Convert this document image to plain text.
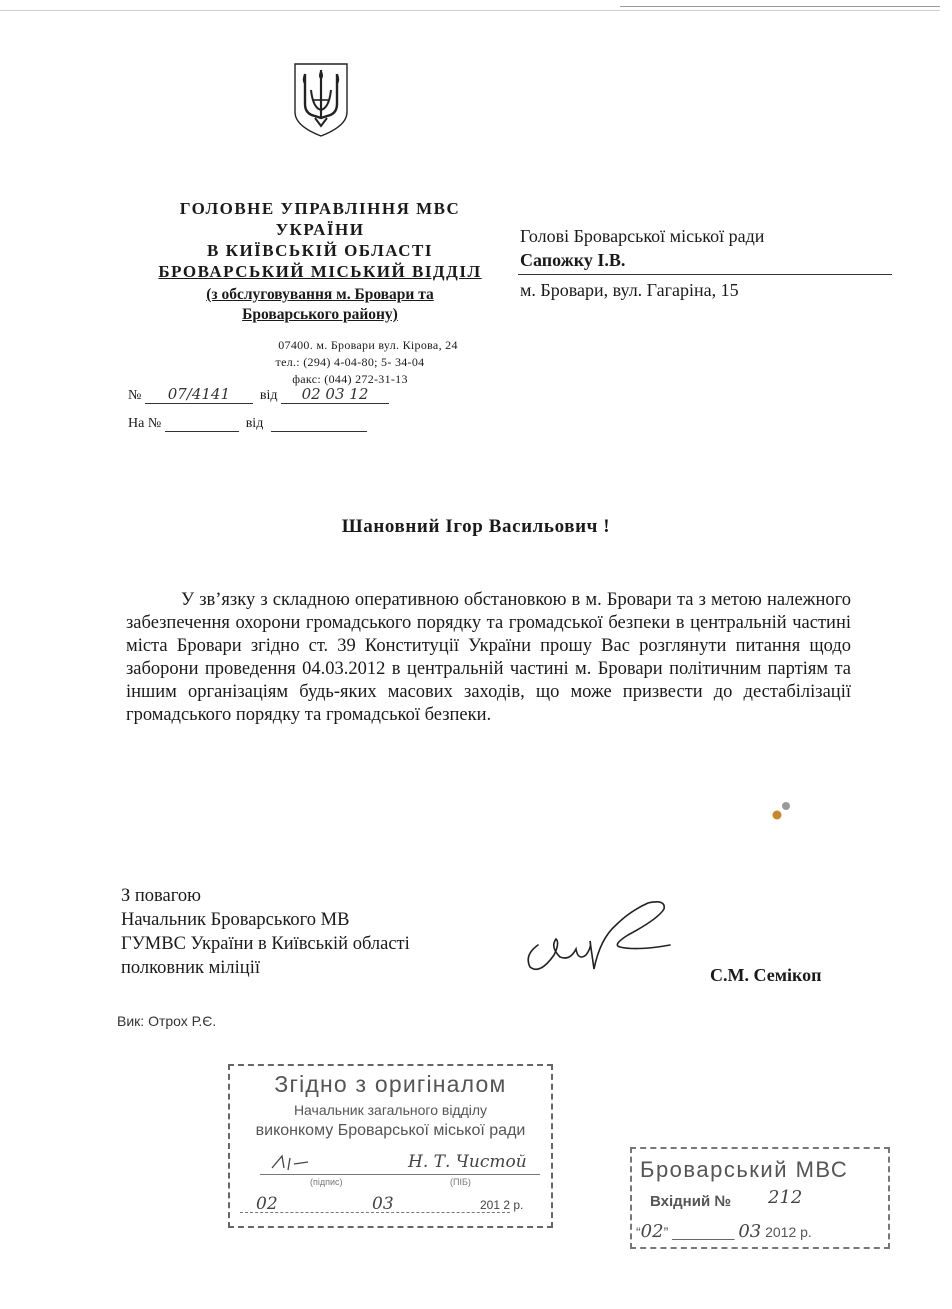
ГОЛОВНЕ УПРАВЛІННЯ МВС
УКРАЇНИ
В КИЇВСЬКІЙ ОБЛАСТІ
БРОВАРСЬКИЙ МІСЬКИЙ ВІДДІЛ
(з обслуговування м. Бровари та
Броварського району)
07400. м. Бровари вул. Кірова, 24
тел.: (294) 4-04-80; 5- 34-04
факс: (044) 272-31-13
№ 07/4141 від 02 03 12
На №	від
Голові Броварської міської ради
Сапожку І.В.
м. Бровари, вул. Гагаріна, 15
Шановний Ігор Васильович !
У зв’язку з складною оперативною обстановкою в м. Бровари та з метою належного забезпечення охорони громадського порядку та громадської безпеки в центральній частині міста Бровари згідно ст. 39 Конституції України прошу Вас розглянути питання щодо заборони проведення 04.03.2012 в центральній частині м. Бровари політичним партіям та іншим організаціям будь-яких масових заходів, що може призвести до дестабілізації громадського порядку та громадської безпеки.
З повагою
Начальник Броварського МВ
ГУМВС України в Київській області
полковник міліції	С.М. Семікоп
Вик: Отрох Р.Є.
Згідно з оригіналом
Начальник загального відділу
виконкому Броварської міської ради
Н. Т. Чистой
(підпис)	(ПІБ)
02	03	201 2 р.
Броварський МВС
Вхідний № 212
“02” ________ 03 2012 р.
